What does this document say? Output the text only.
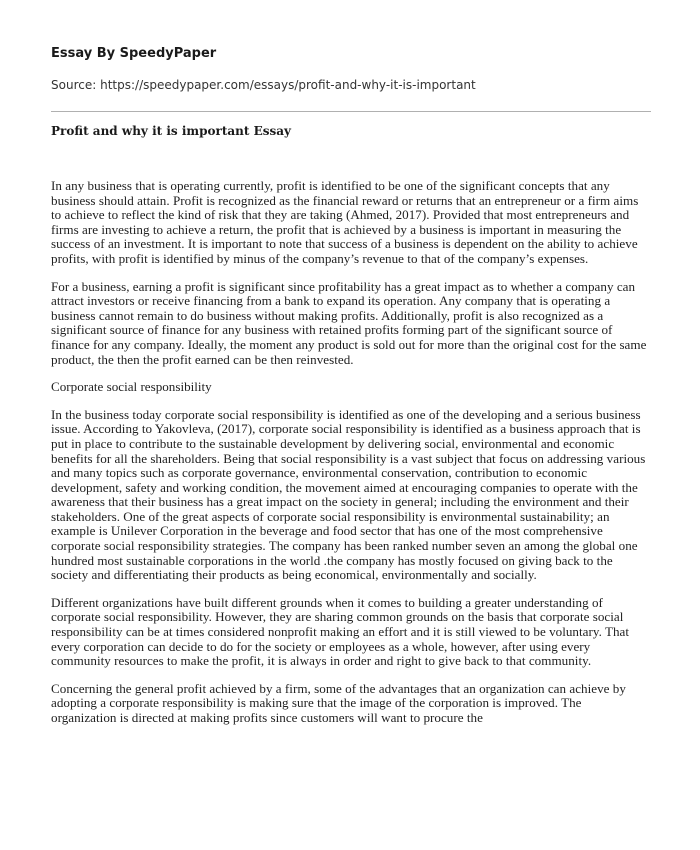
Essay By SpeedyPaper
Source: https://speedypaper.com/essays/profit-and-why-it-is-important
Profit and why it is important Essay

In any business that is operating currently, profit is identified to be one of the significant concepts that any business should attain. Profit is recognized as the financial reward or returns that an entrepreneur or a firm aims to achieve to reflect the kind of risk that they are taking (Ahmed, 2017). Provided that most entrepreneurs and firms are investing to achieve a return, the profit that is achieved by a business is important in measuring the success of an investment. It is important to note that success of a business is dependent on the ability to achieve profits, with profit is identified by minus of the company’s revenue to that of the company’s expenses.

For a business, earning a profit is significant since profitability has a great impact as to whether a company can attract investors or receive financing from a bank to expand its operation. Any company that is operating a business cannot remain to do business without making profits. Additionally, profit is also recognized as a significant source of finance for any business with retained profits forming part of the significant source of finance for any company. Ideally, the moment any product is sold out for more than the original cost for the same product, the then the profit earned can be then reinvested.

Corporate social responsibility

In the business today corporate social responsibility is identified as one of the developing and a serious business issue. According to Yakovleva, (2017), corporate social responsibility is identified as a business approach that is put in place to contribute to the sustainable development by delivering social, environmental and economic benefits for all the shareholders. Being that social responsibility is a vast subject that focus on addressing various and many topics such as corporate governance, environmental conservation, contribution to economic development, safety and working condition, the movement aimed at encouraging companies to operate with the awareness that their business has a great impact on the society in general; including the environment and their stakeholders. One of the great aspects of corporate social responsibility is environmental sustainability; an example is Unilever Corporation in the beverage and food sector that has one of the most comprehensive corporate social responsibility strategies. The company has been ranked number seven an among the global one hundred most sustainable corporations in the world .the company has mostly focused on giving back to the society and differentiating their products as being economical, environmentally and socially.

Different organizations have built different grounds when it comes to building a greater understanding of corporate social responsibility. However, they are sharing common grounds on the basis that corporate social responsibility can be at times considered nonprofit making an effort and it is still viewed to be voluntary. That every corporation can decide to do for the society or employees as a whole, however, after using every community resources to make the profit, it is always in order and right to give back to that community.

Concerning the general profit achieved by a firm, some of the advantages that an organization can achieve by adopting a corporate responsibility is making sure that the image of the corporation is improved. The organization is directed at making profits since customers will want to procure the
